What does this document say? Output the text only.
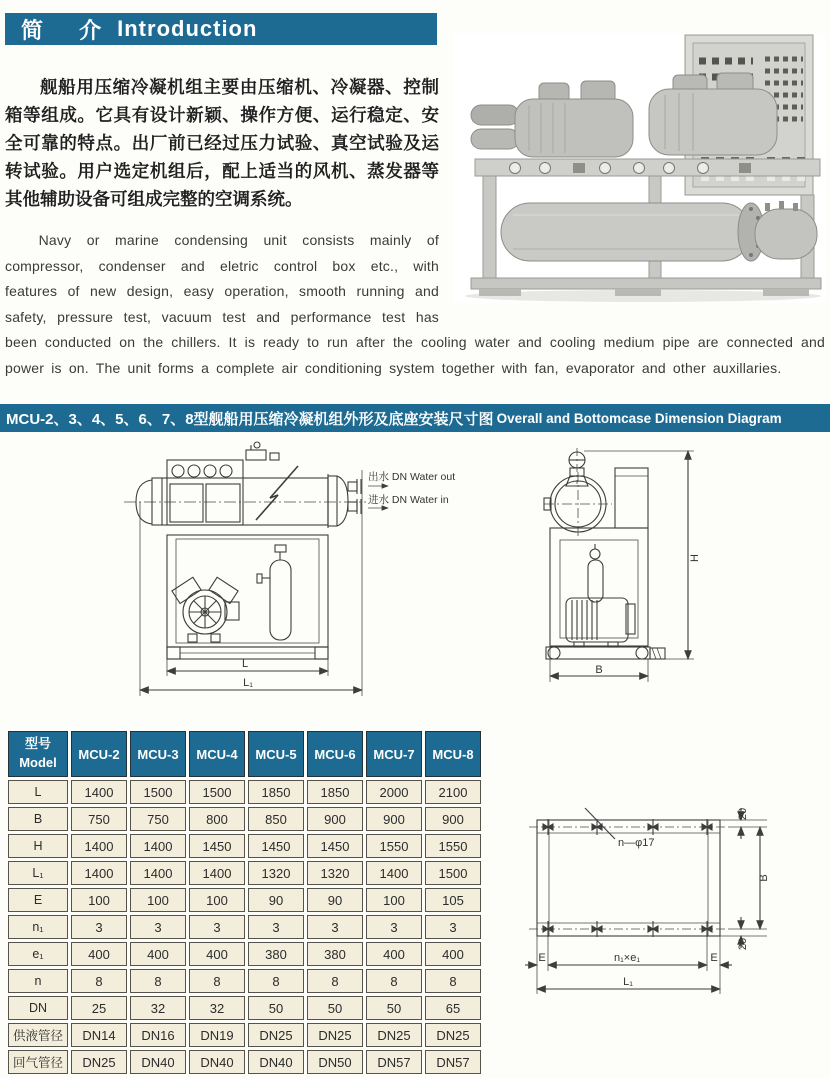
简 介 Introduction

舰船用压缩冷凝机组主要由压缩机、冷凝器、控制箱等组成。它具有设计新颖、操作方便、运行稳定、安全可靠的特点。出厂前已经过压力试验、真空试验及运转试验。用户选定机组后，配上适当的风机、蒸发器等其他辅助设备可组成完整的空调系统。

Navy or marine condensing unit consists mainly of compressor, condenser and eletric control box etc., with features of new design, easy operation, smooth running and safety, pressure test, vacuum test and performance test has been conducted on the chillers. It is ready to run after the cooling water and cooling medium pipe are connected and power is on. The unit forms a complete air conditioning system together with fan, evaporator and other auxillaries.

MCU-2、3、4、5、6、7、8型舰船用压缩冷凝机组外形及底座安装尺寸图 Overall and Bottomcase Dimension Diagram
出水 DN Water out
进水 DN Water in
L
L₁
H
B
n—φ17
20
B
20
E	n₁×e₁	E
L₁
型号
Model	MCU-2	MCU-3	MCU-4	MCU-5	MCU-6	MCU-7	MCU-8
L	1400	1500	1500	1850	1850	2000	2100
B	750	750	800	850	900	900	900
H	1400	1400	1450	1450	1450	1550	1550
L₁	1400	1400	1400	1320	1320	1400	1500
E	100	100	100	90	90	100	105
n₁	3	3	3	3	3	3	3
e₁	400	400	400	380	380	400	400
n	8	8	8	8	8	8	8
DN	25	32	32	50	50	50	65
供液管径	DN14	DN16	DN19	DN25	DN25	DN25	DN25
回气管径	DN25	DN40	DN40	DN40	DN50	DN57	DN57
